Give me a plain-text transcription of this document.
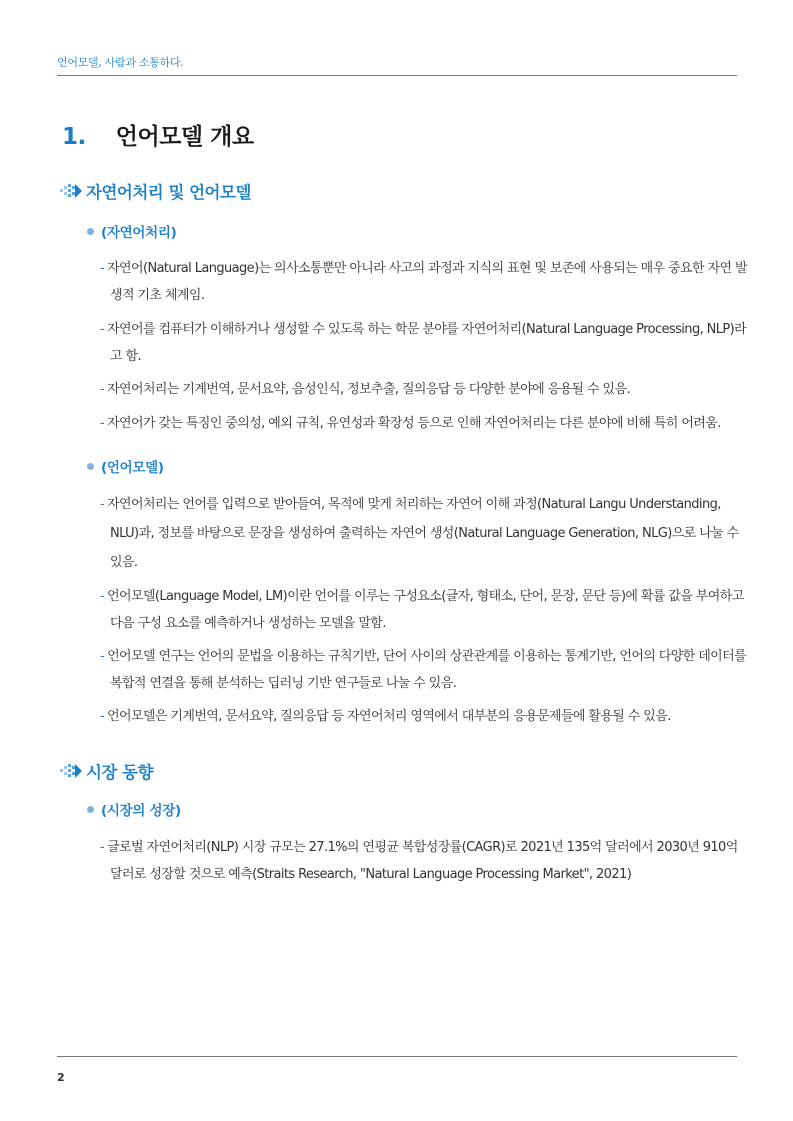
언어모델, 사람과 소통하다.
1. 언어모델 개요
자연어처리 및 언어모델
(자연어처리)
- 자연어(Natural Language)는 의사소통뿐만 아니라 사고의 과정과 지식의 표현 및 보존에 사용되는 매우 중요한 자연 발생적 기초 체계임.
- 자연어를 컴퓨터가 이해하거나 생성할 수 있도록 하는 학문 분야를 자연어처리(Natural Language Processing, NLP)라고 함.
- 자연어처리는 기계번역, 문서요약, 음성인식, 정보추출, 질의응답 등 다양한 분야에 응용될 수 있음.
- 자연어가 갖는 특징인 중의성, 예외 규칙, 유연성과 확장성 등으로 인해 자연어처리는 다른 분야에 비해 특히 어려움.
(언어모델)
- 자연어처리는 언어를 입력으로 받아들여, 목적에 맞게 처리하는 자연어 이해 과정(Natural Langu Understanding, NLU)과, 정보를 바탕으로 문장을 생성하여 출력하는 자연어 생성(Natural Language Generation, NLG)으로 나눌 수 있음.
- 언어모델(Language Model, LM)이란 언어를 이루는 구성요소(글자, 형태소, 단어, 문장, 문단 등)에 확률 값을 부여하고 다음 구성 요소를 예측하거나 생성하는 모델을 말함.
- 언어모델 연구는 언어의 문법을 이용하는 규칙기반, 단어 사이의 상관관계를 이용하는 통계기반, 언어의 다양한 데이터를 복합적 연결을 통해 분석하는 딥러닝 기반 연구들로 나눌 수 있음.
- 언어모델은 기계번역, 문서요약, 질의응답 등 자연어처리 영역에서 대부분의 응용문제들에 활용될 수 있음.
시장 동향
(시장의 성장)
- 글로벌 자연어처리(NLP) 시장 규모는 27.1%의 연평균 복합성장률(CAGR)로 2021년 135억 달러에서 2030년 910억 달러로 성장할 것으로 예측(Straits Research, "Natural Language Processing Market", 2021)
2
